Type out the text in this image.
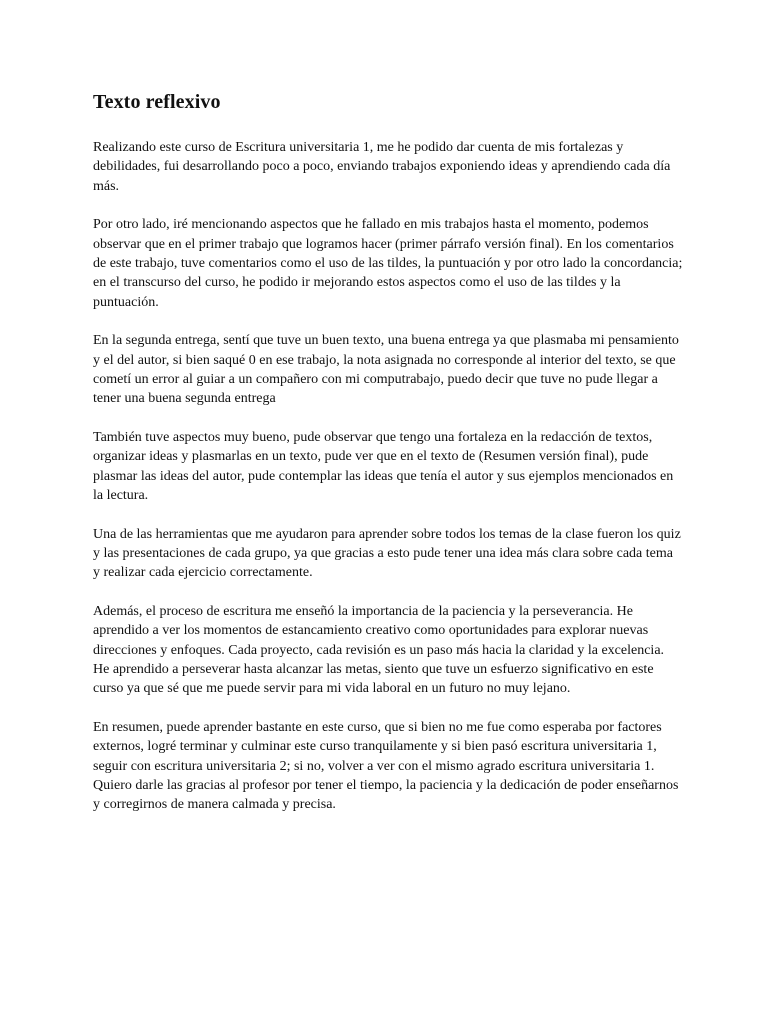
Texto reflexivo

Realizando este curso de Escritura universitaria 1, me he podido dar cuenta de mis fortalezas y debilidades, fui desarrollando poco a poco, enviando trabajos exponiendo ideas y aprendiendo cada día más.

Por otro lado, iré mencionando aspectos que he fallado en mis trabajos hasta el momento, podemos observar que en el primer trabajo que logramos hacer (primer párrafo versión final). En los comentarios de este trabajo, tuve comentarios como el uso de las tildes, la puntuación y por otro lado la concordancia; en el transcurso del curso, he podido ir mejorando estos aspectos como el uso de las tildes y la puntuación.

En la segunda entrega, sentí que tuve un buen texto, una buena entrega ya que plasmaba mi pensamiento y el del autor, si bien saqué 0 en ese trabajo, la nota asignada no corresponde al interior del texto, se que cometí un error al guiar a un compañero con mi computrabajo, puedo decir que tuve no pude llegar a tener una buena segunda entrega

También tuve aspectos muy bueno, pude observar que tengo una fortaleza en la redacción de textos, organizar ideas y plasmarlas en un texto, pude ver que en el texto de (Resumen versión final), pude plasmar las ideas del autor, pude contemplar las ideas que tenía el autor y sus ejemplos mencionados en la lectura.

Una de las herramientas que me ayudaron para aprender sobre todos los temas de la clase fueron los quiz y las presentaciones de cada grupo, ya que gracias a esto pude tener una idea más clara sobre cada tema y realizar cada ejercicio correctamente.

Además, el proceso de escritura me enseñó la importancia de la paciencia y la perseverancia. He aprendido a ver los momentos de estancamiento creativo como oportunidades para explorar nuevas direcciones y enfoques. Cada proyecto, cada revisión es un paso más hacia la claridad y la excelencia. He aprendido a perseverar hasta alcanzar las metas, siento que tuve un esfuerzo significativo en este curso ya que sé que me puede servir para mi vida laboral en un futuro no muy lejano.

En resumen, puede aprender bastante en este curso, que si bien no me fue como esperaba por factores externos, logré terminar y culminar este curso tranquilamente y si bien pasó escritura universitaria 1, seguir con escritura universitaria 2; si no, volver a ver con el mismo agrado escritura universitaria 1. Quiero darle las gracias al profesor por tener el tiempo, la paciencia y la dedicación de poder enseñarnos y corregirnos de manera calmada y precisa.
